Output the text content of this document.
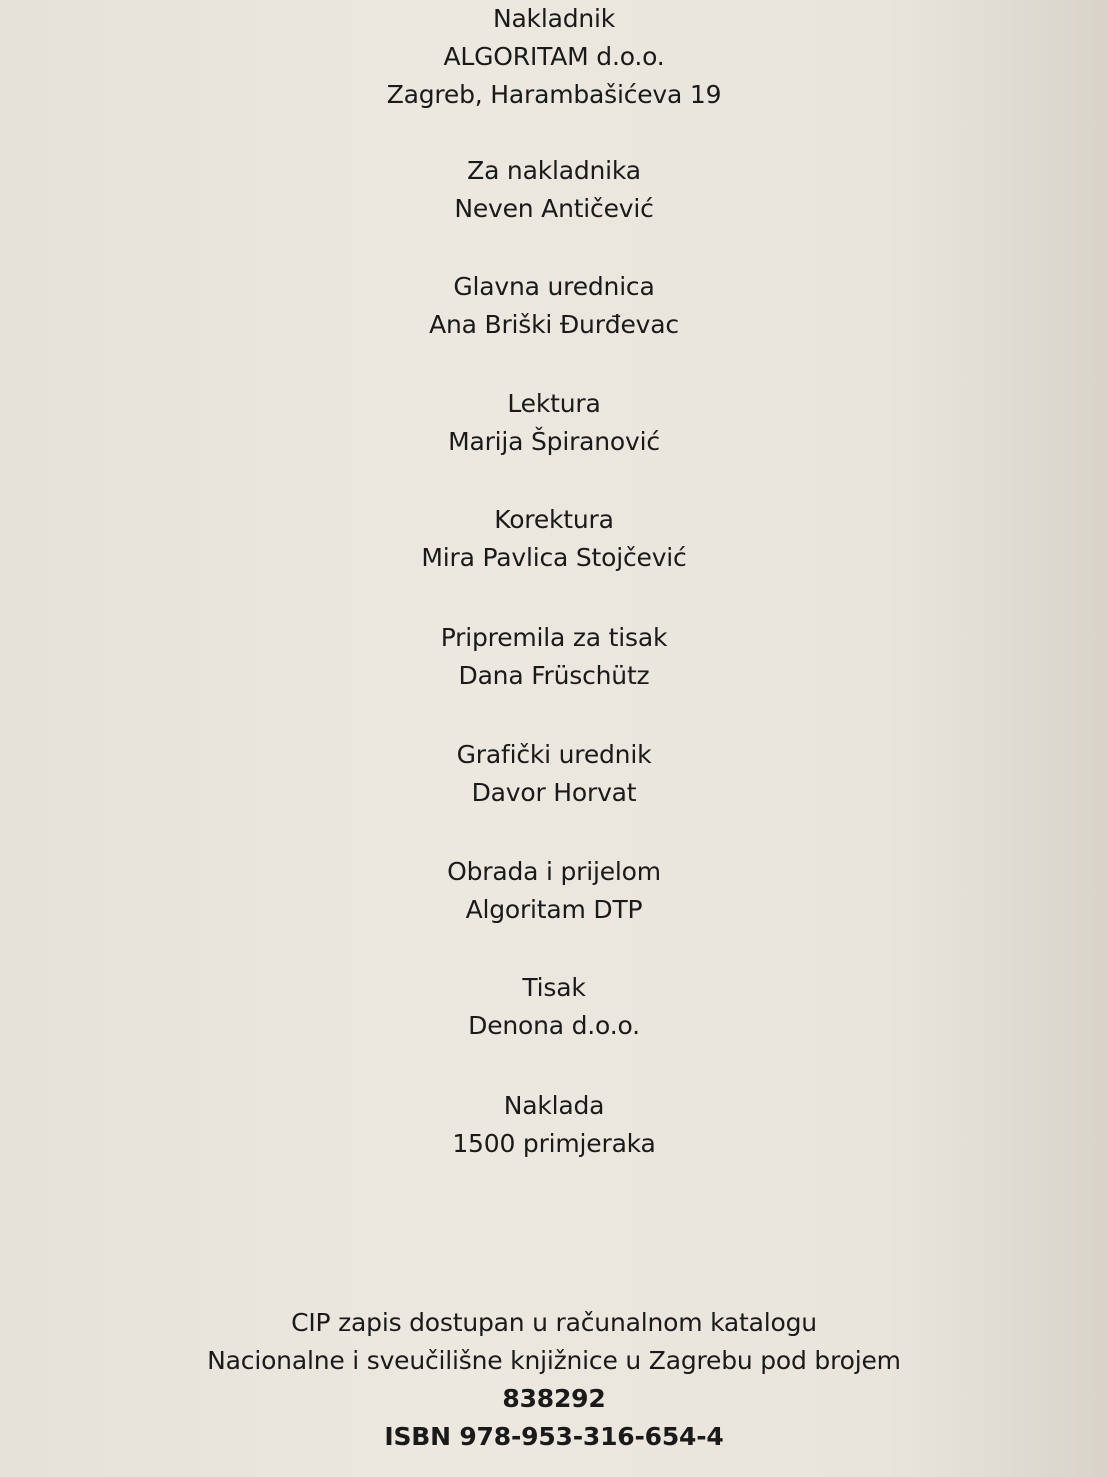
Nakladnik
ALGORITAM d.o.o.
Zagreb, Harambašićeva 19
Za nakladnika
Neven Antičević
Glavna urednica
Ana Briški Đurđevac
Lektura
Marija Špiranović
Korektura
Mira Pavlica Stojčević
Pripremila za tisak
Dana Früschütz
Grafički urednik
Davor Horvat
Obrada i prijelom
Algoritam DTP
Tisak
Denona d.o.o.
Naklada
1500 primjeraka
CIP zapis dostupan u računalnom katalogu
Nacionalne i sveučilišne knjižnice u Zagrebu pod brojem
838292
ISBN 978-953-316-654-4
